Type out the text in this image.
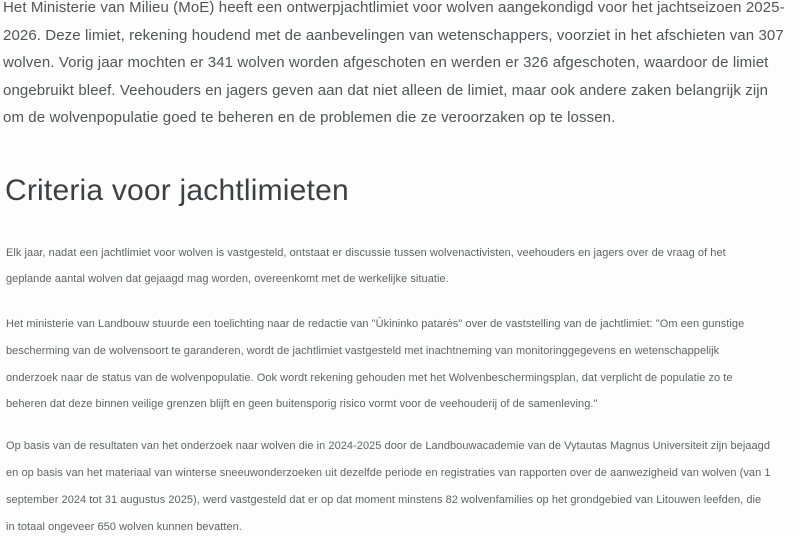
Het Ministerie van Milieu (MoE) heeft een ontwerpjachtlimiet voor wolven aangekondigd voor het jachtseizoen 2025-2026. Deze limiet, rekening houdend met de aanbevelingen van wetenschappers, voorziet in het afschieten van 307 wolven. Vorig jaar mochten er 341 wolven worden afgeschoten en werden er 326 afgeschoten, waardoor de limiet ongebruikt bleef. Veehouders en jagers geven aan dat niet alleen de limiet, maar ook andere zaken belangrijk zijn om de wolvenpopulatie goed te beheren en de problemen die ze veroorzaken op te lossen.

Criteria voor jachtlimieten

Elk jaar, nadat een jachtlimiet voor wolven is vastgesteld, ontstaat er discussie tussen wolvenactivisten, veehouders en jagers over de vraag of het geplande aantal wolven dat gejaagd mag worden, overeenkomt met de werkelijke situatie.

Het ministerie van Landbouw stuurde een toelichting naar de redactie van "Ūkininko patarės" over de vaststelling van de jachtlimiet: "Om een gunstige bescherming van de wolvensoort te garanderen, wordt de jachtlimiet vastgesteld met inachtneming van monitoringgegevens en wetenschappelijk onderzoek naar de status van de wolvenpopulatie. Ook wordt rekening gehouden met het Wolvenbeschermingsplan, dat verplicht de populatie zo te beheren dat deze binnen veilige grenzen blijft en geen buitensporig risico vormt voor de veehouderij of de samenleving."

Op basis van de resultaten van het onderzoek naar wolven die in 2024-2025 door de Landbouwacademie van de Vytautas Magnus Universiteit zijn bejaagd en op basis van het materiaal van winterse sneeuwonderzoeken uit dezelfde periode en registraties van rapporten over de aanwezigheid van wolven (van 1 september 2024 tot 31 augustus 2025), werd vastgesteld dat er op dat moment minstens 82 wolvenfamilies op het grondgebied van Litouwen leefden, die in totaal ongeveer 650 wolven kunnen bevatten.
